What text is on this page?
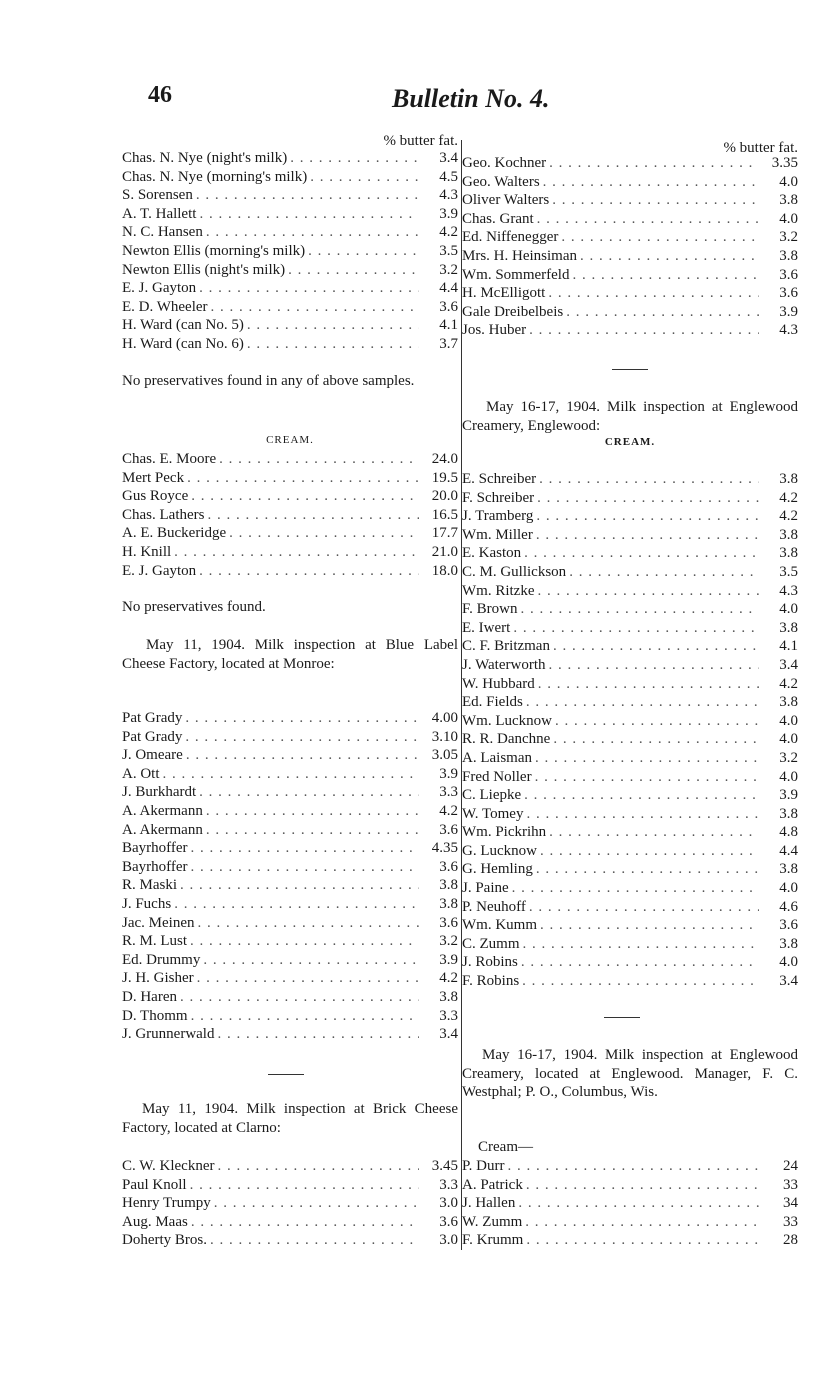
46	Bulletin No. 4.
% butter fat.
Chas. N. Nye (night's milk) . . .	3.4
Chas. N. Nye (morning's milk) . . .	4.5
S. Sorensen . . .	4.3
A. T. Hallett . . .	3.9
N. C. Hansen . . .	4.2
Newton Ellis (morning's milk) . . .	3.5
Newton Ellis (night's milk) . . .	3.2
E. J. Gayton . . .	4.4
E. D. Wheeler . . .	3.6
H. Ward (can No. 5) . . .	4.1
H. Ward (can No. 6) . . .	3.7
No preservatives found in any of above samples.
CREAM.
Chas. E. Moore . . .	24.0
Mert Peck . . .	19.5
Gus Royce . . .	20.0
Chas. Lathers . . .	16.5
A. E. Buckeridge . . .	17.7
H. Knill . . .	21.0
E. J. Gayton . . .	18.0
No preservatives found.
May 11, 1904. Milk inspection at Blue Label Cheese Factory, located at Monroe:
Pat Grady . . .	4.00
Pat Grady . . .	3.10
J. Omeare . . .	3.05
A. Ott . . .	3.9
J. Burkhardt . . .	3.3
A. Akermann . . .	4.2
A. Akermann . . .	3.6
Bayrhoffer . . .	4.35
Bayrhoffer . . .	3.6
R. Maski . . .	3.8
J. Fuchs . . .	3.8
Jac. Meinen . . .	3.6
R. M. Lust . . .	3.2
Ed. Drummy . . .	3.9
J. H. Gisher . . .	4.2
D. Haren . . .	3.8
D. Thomm . . .	3.3
J. Grunnerwald . . .	3.4
May 11, 1904. Milk inspection at Brick Cheese Factory, located at Clarno:
C. W. Kleckner . . .	3.45
Paul Knoll . . .	3.3
Henry Trumpy . . .	3.0
Aug. Maas . . .	3.6
Doherty Bros. . . .	3.0
% butter fat.
Geo. Kochner . . .	3.35
Geo. Walters . . .	4.0
Oliver Walters . . .	3.8
Chas. Grant . . .	4.0
Ed. Niffenegger . . .	3.2
Mrs. H. Heinsiman . . .	3.8
Wm. Sommerfeld . . .	3.6
H. McElligott . . .	3.6
Gale Dreibelbeis . . .	3.9
Jos. Huber . . .	4.3
May 16-17, 1904. Milk inspection at Englewood Creamery, Englewood:
CREAM.
E. Schreiber . . .	3.8
F. Schreiber . . .	4.2
J. Tramberg . . .	4.2
Wm. Miller . . .	3.8
E. Kaston . . .	3.8
C. M. Gullickson . . .	3.5
Wm. Ritzke . . .	4.3
F. Brown . . .	4.0
E. Iwert . . .	3.8
C. F. Britzman . . .	4.1
J. Waterworth . . .	3.4
W. Hubbard . . .	4.2
Ed. Fields . . .	3.8
Wm. Lucknow . . .	4.0
R. R. Danchne . . .	4.0
A. Laisman . . .	3.2
Fred Noller . . .	4.0
C. Liepke . . .	3.9
W. Tomey . . .	3.8
Wm. Pickrihn . . .	4.8
G. Lucknow . . .	4.4
G. Hemling . . .	3.8
J. Paine . . .	4.0
P. Neuhoff . . .	4.6
Wm. Kumm . . .	3.6
C. Zumm . . .	3.8
J. Robins . . .	4.0
F. Robins . . .	3.4
May 16-17, 1904. Milk inspection at Englewood Creamery, located at Englewood. Manager, F. C. Westphal; P. O., Columbus, Wis.
Cream—
P. Durr . . .	24
A. Patrick . . .	33
J. Hallen . . .	34
W. Zumm . . .	33
F. Krumm . . .	28
